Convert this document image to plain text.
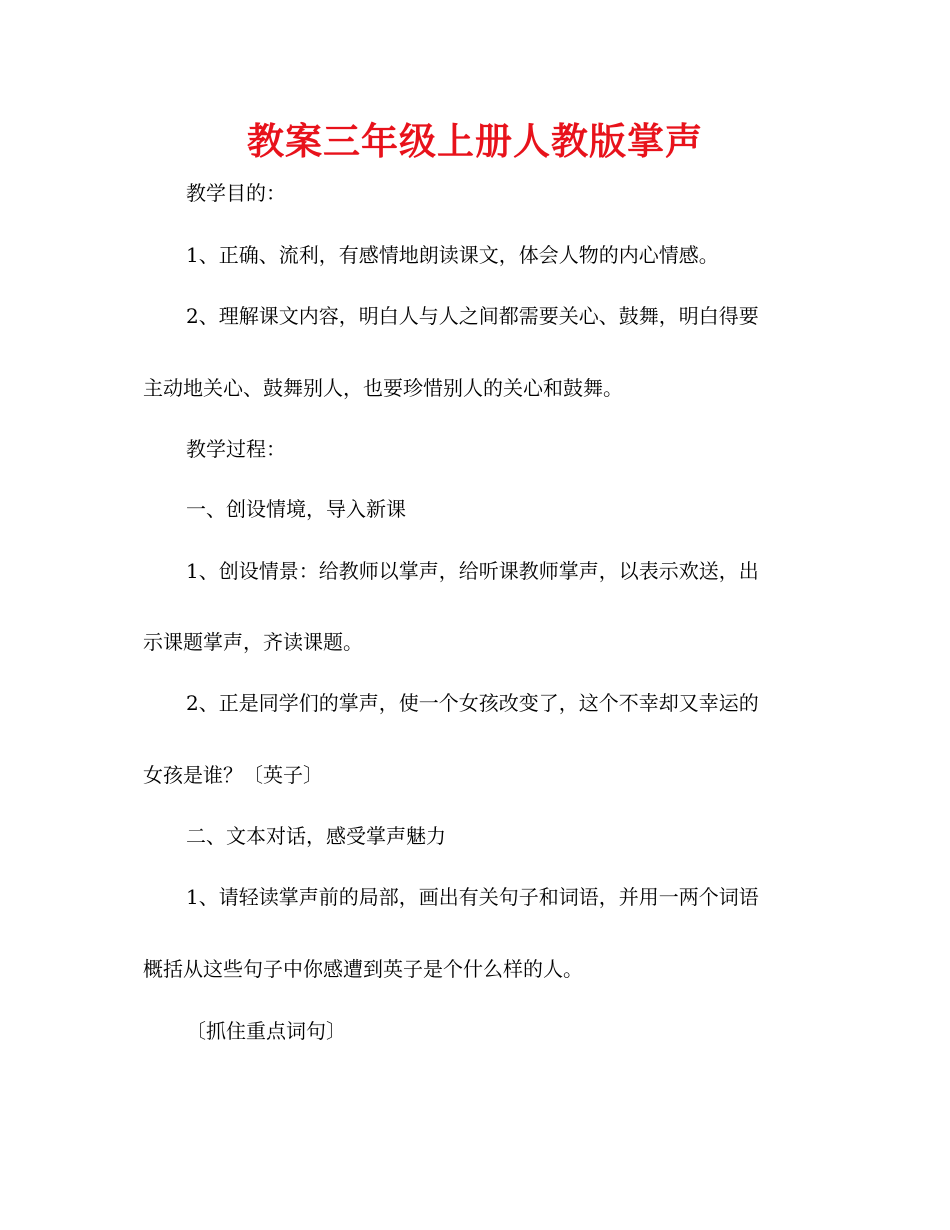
教案三年级上册人教版掌声

教学目的：

1、正确、流利，有感情地朗读课文，体会人物的内心情感。

2、理解课文内容，明白人与人之间都需要关心、鼓舞，明白得要

主动地关心、鼓舞别人，也要珍惜别人的关心和鼓舞。

教学过程：

一、创设情境，导入新课

1、创设情景：给教师以掌声，给听课教师掌声，以表示欢送，出

示课题掌声，齐读课题。

2、正是同学们的掌声，使一个女孩改变了，这个不幸却又幸运的

女孩是谁？〔英子〕

二、文本对话，感受掌声魅力

1、请轻读掌声前的局部，画出有关句子和词语，并用一两个词语

概括从这些句子中你感遭到英子是个什么样的人。

〔抓住重点词句〕
